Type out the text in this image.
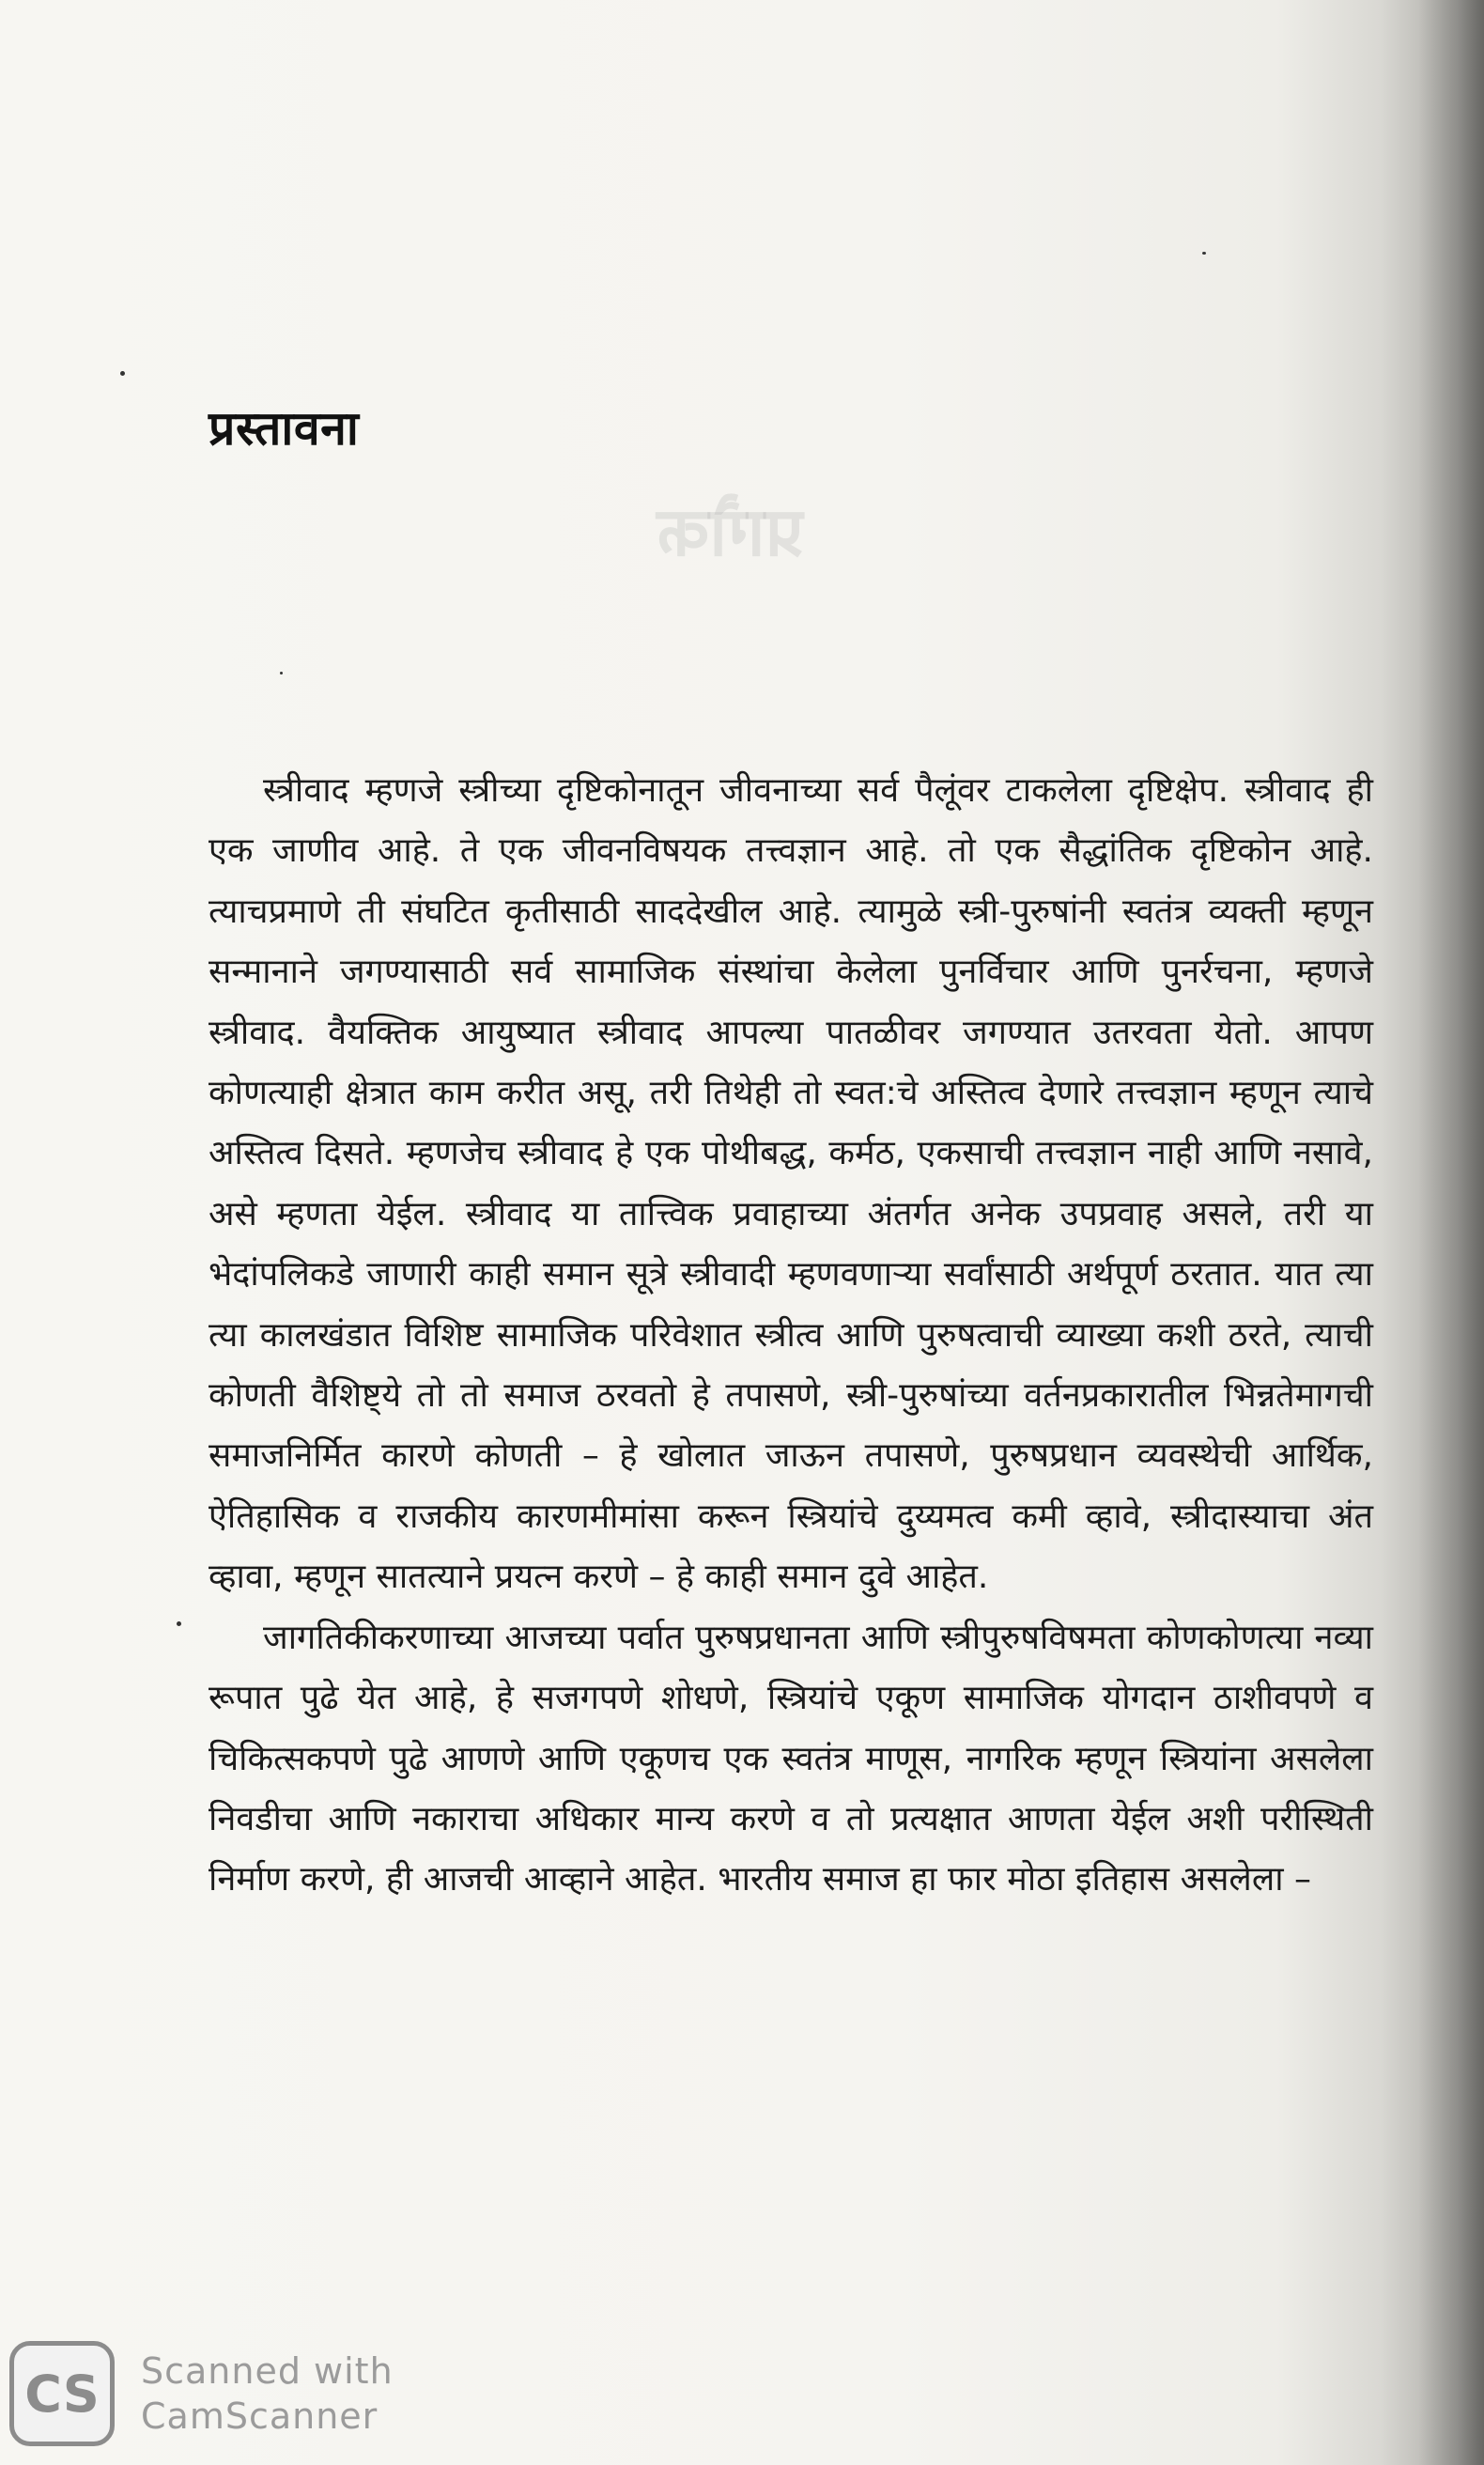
प्रागैक
प्रस्तावना

स्त्रीवाद म्हणजे स्त्रीच्या दृष्टिकोनातून जीवनाच्या सर्व पैलूंवर टाकलेला दृष्टिक्षेप. स्त्रीवाद ही एक जाणीव आहे. ते एक जीवनविषयक तत्त्वज्ञान आहे. तो एक सैद्धांतिक दृष्टिकोन आहे. त्याचप्रमाणे ती संघटित कृतीसाठी साददेखील आहे. त्यामुळे स्त्री-पुरुषांनी स्वतंत्र व्यक्ती म्हणून सन्मानाने जगण्यासाठी सर्व सामाजिक संस्थांचा केलेला पुनर्विचार आणि पुनर्रचना, म्हणजे स्त्रीवाद. वैयक्तिक आयुष्यात स्त्रीवाद आपल्या पातळीवर जगण्यात उतरवता येतो. आपण कोणत्याही क्षेत्रात काम करीत असू, तरी तिथेही तो स्वत:चे अस्तित्व देणारे तत्त्वज्ञान म्हणून त्याचे अस्तित्व दिसते. म्हणजेच स्त्रीवाद हे एक पोथीबद्ध, कर्मठ, एकसाची तत्त्वज्ञान नाही आणि नसावे, असे म्हणता येईल. स्त्रीवाद या तात्त्विक प्रवाहाच्या अंतर्गत अनेक उपप्रवाह असले, तरी या भेदांपलिकडे जाणारी काही समान सूत्रे स्त्रीवादी म्हणवणाऱ्या सर्वांसाठी अर्थपूर्ण ठरतात. यात त्या त्या कालखंडात विशिष्ट सामाजिक परिवेशात स्त्रीत्व आणि पुरुषत्वाची व्याख्या कशी ठरते, त्याची कोणती वैशिष्ट्ये तो तो समाज ठरवतो हे तपासणे, स्त्री-पुरुषांच्या वर्तनप्रकारातील भिन्नतेमागची समाजनिर्मित कारणे कोणती – हे खोलात जाऊन तपासणे, पुरुषप्रधान व्यवस्थेची आर्थिक, ऐतिहासिक व राजकीय कारणमीमांसा करून स्त्रियांचे दुय्यमत्व कमी व्हावे, स्त्रीदास्याचा अंत व्हावा, म्हणून सातत्याने प्रयत्न करणे – हे काही समान दुवे आहेत.

जागतिकीकरणाच्या आजच्या पर्वात पुरुषप्रधानता आणि स्त्रीपुरुषविषमता कोणकोणत्या नव्या रूपात पुढे येत आहे, हे सजगपणे शोधणे, स्त्रियांचे एकूण सामाजिक योगदान ठाशीवपणे व चिकित्सकपणे पुढे आणणे आणि एकूणच एक स्वतंत्र माणूस, नागरिक म्हणून स्त्रियांना असलेला निवडीचा आणि नकाराचा अधिकार मान्य करणे व तो प्रत्यक्षात आणता येईल अशी परीस्थिती निर्माण करणे, ही आजची आव्हाने आहेत. भारतीय समाज हा फार मोठा इतिहास असलेला –

CS	Scanned with
CamScanner
